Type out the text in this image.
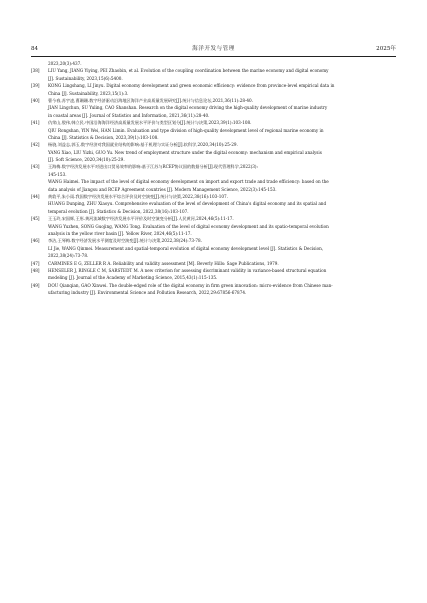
84	海洋开发与管理	2025年
2023,20(3):437.
[38] LIU Yang, JIANG Yiying, PEI Zhaobin, et al. Evolution of the coupling coordination between the marine economy and digital economy
[J]. Sustainability, 2023,15(6):5400.
[39] KONG Lingshang, LI Jinyu. Digital economy development and green economic efficiency: evidence from province-level empirical data in
China [J]. Sustainability, 2023,15(1):3.
[40] 曹今春,苏宇凌,曹珊珊.数字经济驱动沿海地区海洋产业高质量发展研究[J].统计与信息论坛,2021,36(11):28-40.
JIAN Lingchun, SU Yuling, CAO Shanshan. Research on the digital economy driving the high-quality development of marine industry
in coastal areas [J]. Journal of Statistics and Information, 2021,36(11):28-40.
[41] 仇荣山,殷伟,韩立民.中国沿海海洋经济高质量发展水平评价与类型区划分[J].统计与决策,2023,39(1):103-108.
QIU Rongshan, YIN Wei, HAN Limin. Evaluation and type division of high-quality development level of regional marine economy in
China [J]. Statistics & Decision, 2023,39(1):103-108.
[42] 杨骁,刘益志,郭玉.数字经济对我国就业结构的影响:基于机理与实证分析[J].软科学,2020,34(10):25-29.
YANG Xiao, LIU Yizhi, GUO Yu. New trend of employment structure under the digital economy: mechanism and empirical analysis
[J]. Soft Science, 2020,34(10):25-29.
[43] 王海梅.数字经济发展水平对进出口贸易效率的影响:基于江苏与RCEP协议国的数据分析[J].现代管理科学,2022(3):
145-153.
WANG Haimei. The impact of the level of digital economy development on import and export trade and trade efficiency: based on the
data analysis of Jiangsu and RCEP Agreement countries [J]. Modern Management Science, 2022(3):145-153.
[44] 黄敦平,朱小雨.我国数字经济发展水平综合评价及时空演变[J].统计与决策,2022,38(16):103-107.
HUANG Dunping, ZHU Xiaoyu. Comprehensive evaluation of the level of development of China's digital economy and its spatial and
temporal evolution [J]. Statistics & Decision, 2022,38(16):103-107.
[45] 王玉玲,宋国辉,王彤.黄河流域数字经济发展水平评价及时空演变分析[J].人民黄河,2024,46(5):11-17.
WANG Yuzhen, SONG Guojing, WANG Tong. Evaluation of the level of digital economy development and its spatio-temporal evolution
analysis in the yellow river basin [J]. Yellow River, 2024,46(5):11-17.
[46] 李洁,王琴梅.数字经济发展水平测度及时空演变[J].统计与决策,2022,38(24):73-78.
LI Jie, WANG Qinmei. Measurement and spatial-temporal evolution of digital economy development level [J]. Statistics & Decision,
2022,38(24):73-78.
[47] CARMINES E G, ZELLER R A. Reliability and validity assessment [M]. Beverly Hills: Sage Publications, 1979.
[48] HENSELER J, RINGLE C M, SARSTEDT M. A new criterion for assessing discriminant validity in variance-based structural equation
modeling [J]. Journal of the Academy of Marketing Science, 2015,43(1):115-135.
[49] DOU Qianqian, GAO Xinwei. The double-edged role of the digital economy in firm green innovation: micro-evidence from Chinese man-
ufacturing industry [J]. Environmental Science and Pollution Research, 2022,29:67856-67874.
